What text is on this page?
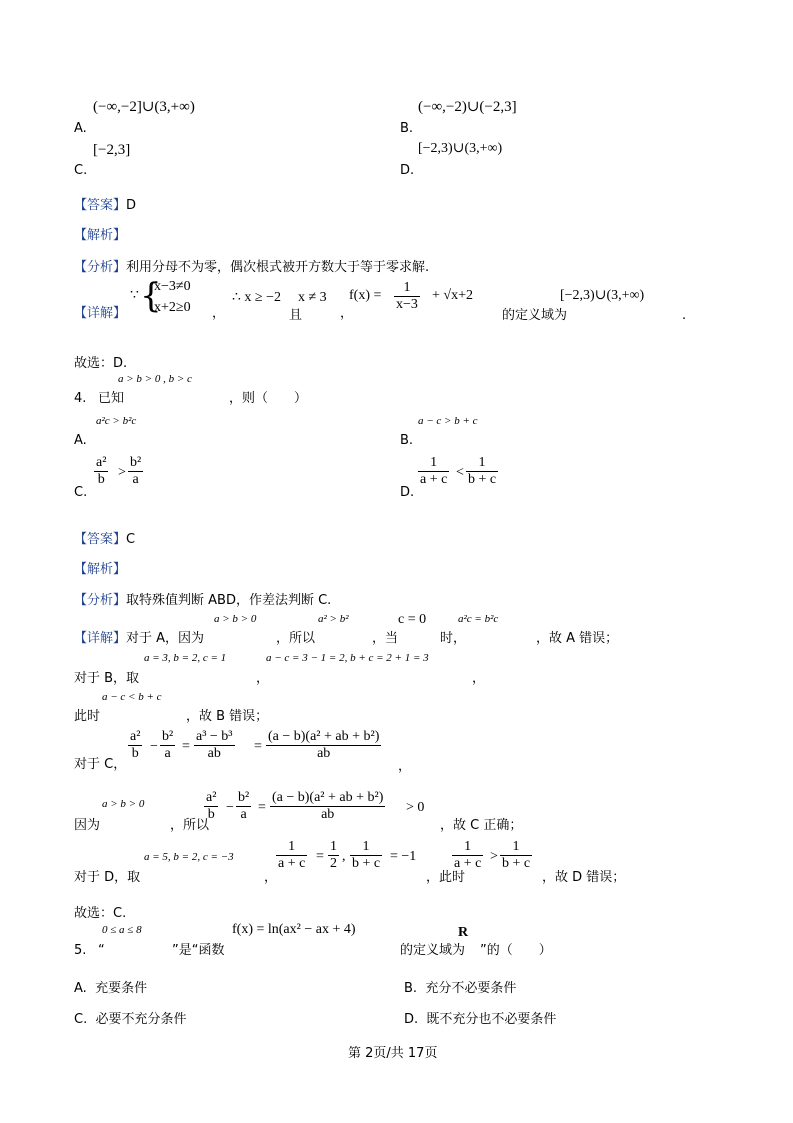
(−∞,−2]∪(3,+∞)
A.
(−∞,−2)∪(−2,3]
B.
[−2,3]
C.
[−2,3)∪(3,+∞)
D.
【答案】D
【解析】
【分析】利用分母不为零，偶次根式被开方数大于等于零求解.
【详解】
∵ {
x−3≠0
x+2≥0 ，
∴ x ≥ −2 x ≠ 3
且	，
$f(x) = \frac{1}{x-3} + √x+2$
的定义域为
[−2,3)∪(3,+∞)
.
故选：D.
a > b > 0 , b > c
4. 已知	，则（　　）
a²c > b²c
A.
a − c > b + c
B.
C.
$\frac{\text{a²}}{b} > \frac{\text{b²}}{a}$
D.
$\frac{1}{a + c} < \frac{1}{b + c}$
【答案】C
【解析】
【分析】取特殊值判断 ABD，作差法判断 C.
a > b > 0	a² > b²	c = 0	a²c = b²c
【详解】对于 A，因为	，所以	，当	时，	，故 A 错误；
a = 3, b = 2, c = 1	a − c = 3 − 1 = 2, b + c = 2 + 1 = 3
对于 B，取	，	，
a − c < b + c
此时	，故 B 错误；
对于 C，
$\frac{\text{a²}}{b} - \frac{\text{b²}}{a} = \frac{\text{a³ − b³}}{ab} = \frac{\text{(a − b)(a² + ab + b²)}}{ab}$
，
a > b > 0
因为	，所以
$\frac{\text{a²}}{b} - \frac{\text{b²}}{a} = \frac{\text{(a − b)(a² + ab + b²)}}{ab} > 0$
，故 C 正确；
a = 5, b = 2, c = −3
对于 D，取	，
$\frac{1}{a + c} = \frac{1}{2}$ , $\frac{1}{b + c} = -1$
，此时
$\frac{1}{a + c} > \frac{1}{b + c}$
，故 D 错误；
故选：C.
0 ≤ a ≤ 8	f(x) = ln(ax² − ax + 4)	R
5. “	”是“函数	的定义域为 ”的（　　）
A. 充要条件	B. 充分不必要条件
C. 必要不充分条件	D. 既不充分也不必要条件
第 2页/共 17页
